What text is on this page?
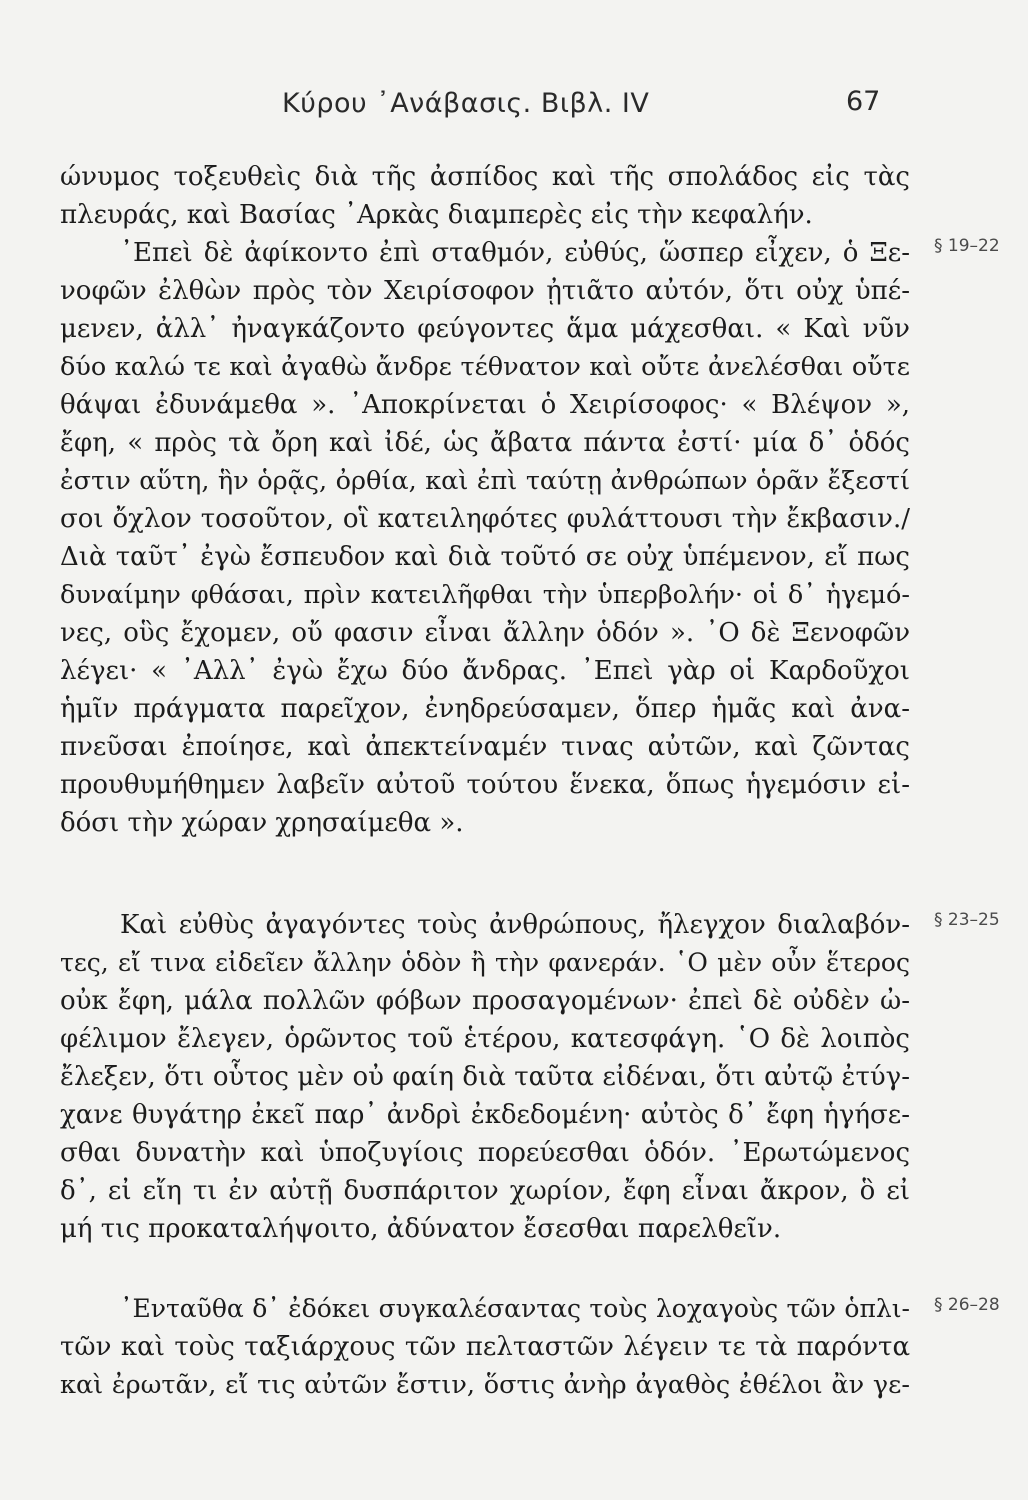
Κύρου ᾿Ανάβασις. Βιβλ. IV	67
§ 19–22
§ 23–25
§ 26–28
ώνυμος τοξευθεὶς διὰ τῆς ἀσπίδος καὶ τῆς σπολάδος εἰς τὰς
πλευράς, καὶ Βασίας ᾿Αρκὰς διαμπερὲς εἰς τὴν κεφαλήν.
᾿Επεὶ δὲ ἀφίκοντο ἐπὶ σταθμόν, εὐθύς, ὥσπερ εἶχεν, ὁ Ξε-
νοφῶν ἐλθὼν πρὸς τὸν Χειρίσοφον ᾐτιᾶτο αὐτόν, ὅτι οὐχ ὑπέ-
μενεν, ἀλλ᾿ ἠναγκάζοντο φεύγοντες ἅμα μάχεσθαι. « Καὶ νῦν
δύο καλώ τε καὶ ἀγαθὼ ἄνδρε τέθνατον καὶ οὔτε ἀνελέσθαι οὔτε
θάψαι ἐδυνάμεθα ». ᾿Αποκρίνεται ὁ Χειρίσοφος· « Βλέψον »,
ἔφη, « πρὸς τὰ ὄρη καὶ ἰδέ, ὡς ἄβατα πάντα ἐστί· μία δ᾿ ὁδός
ἐστιν αὕτη, ἣν ὁρᾷς, ὀρθία, καὶ ἐπὶ ταύτῃ ἀνθρώπων ὁρᾶν ἔξεστί
σοι ὄχλον τοσοῦτον, οἳ κατειληφότες φυλάττουσι τὴν ἔκβασιν./
Διὰ ταῦτ᾿ ἐγὼ ἔσπευδον καὶ διὰ τοῦτό σε οὐχ ὑπέμενον, εἴ πως
δυναίμην φθάσαι, πρὶν κατειλῆφθαι τὴν ὑπερβολήν· οἱ δ᾿ ἡγεμό-
νες, οὓς ἔχομεν, οὔ φασιν εἶναι ἄλλην ὁδόν ». ᾿Ο δὲ Ξενοφῶν
λέγει· « ᾿Αλλ᾿ ἐγὼ ἔχω δύο ἄνδρας. ᾿Επεὶ γὰρ οἱ Καρδοῦχοι
ἡμῖν πράγματα παρεῖχον, ἐνηδρεύσαμεν, ὅπερ ἡμᾶς καὶ ἀνα-
πνεῦσαι ἐποίησε, καὶ ἀπεκτείναμέν τινας αὐτῶν, καὶ ζῶντας
προυθυμήθημεν λαβεῖν αὐτοῦ τούτου ἕνεκα, ὅπως ἡγεμόσιν εἰ-
δόσι τὴν χώραν χρησαίμεθα ».
Καὶ εὐθὺς ἀγαγόντες τοὺς ἀνθρώπους, ἤλεγχον διαλαβόν-
τες, εἴ τινα εἰδεῖεν ἄλλην ὁδὸν ἢ τὴν φανεράν. ῾Ο μὲν οὖν ἕτερος
οὐκ ἔφη, μάλα πολλῶν φόβων προσαγομένων· ἐπεὶ δὲ οὐδὲν ὠ-
φέλιμον ἔλεγεν, ὁρῶντος τοῦ ἑτέρου, κατεσφάγη. ῾Ο δὲ λοιπὸς
ἔλεξεν, ὅτι οὗτος μὲν οὐ φαίη διὰ ταῦτα εἰδέναι, ὅτι αὐτῷ ἐτύγ-
χανε θυγάτηρ ἐκεῖ παρ᾿ ἀνδρὶ ἐκδεδομένη· αὐτὸς δ᾿ ἔφη ἡγήσε-
σθαι δυνατὴν καὶ ὑποζυγίοις πορεύεσθαι ὁδόν. ᾿Ερωτώμενος
δ᾿, εἰ εἴη τι ἐν αὐτῇ δυσπάριτον χωρίον, ἔφη εἶναι ἄκρον, ὃ εἰ
μή τις προκαταλήψοιτο, ἀδύνατον ἔσεσθαι παρελθεῖν.
᾿Ενταῦθα δ᾿ ἐδόκει συγκαλέσαντας τοὺς λοχαγοὺς τῶν ὁπλι-
τῶν καὶ τοὺς ταξιάρχους τῶν πελταστῶν λέγειν τε τὰ παρόντα
καὶ ἐρωτᾶν, εἴ τις αὐτῶν ἔστιν, ὅστις ἀνὴρ ἀγαθὸς ἐθέλοι ἂν γε-
